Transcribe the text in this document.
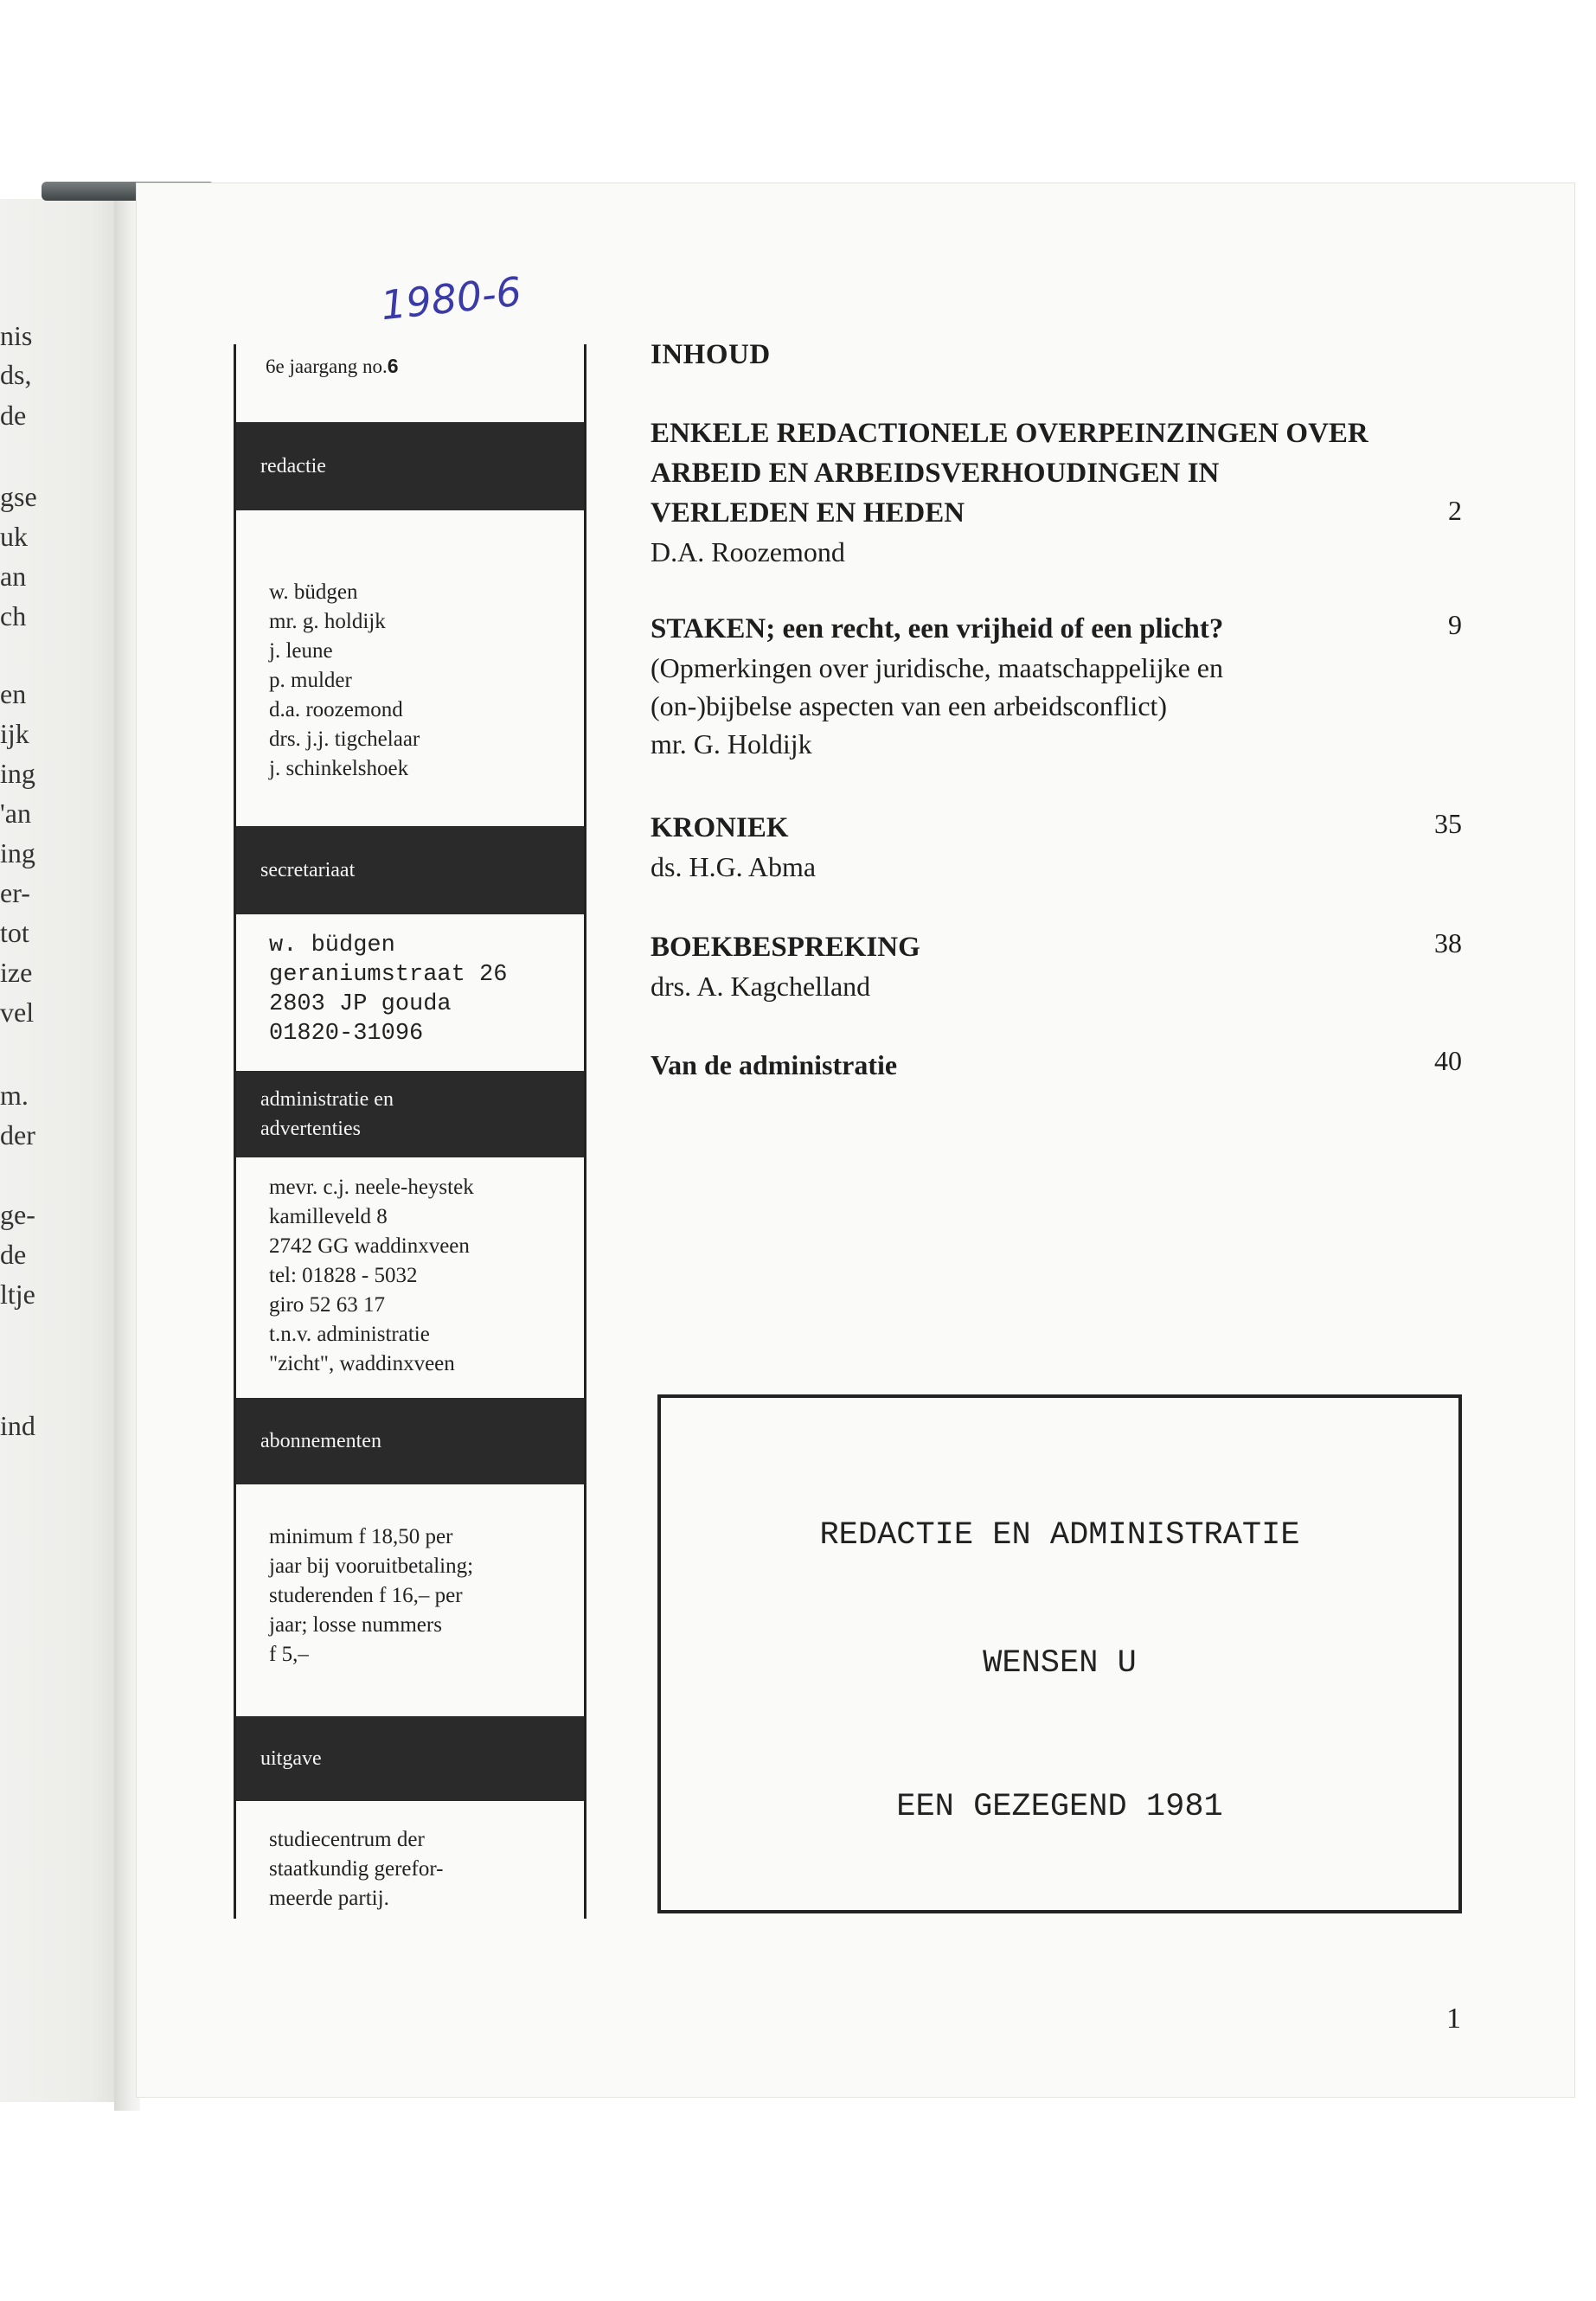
nis
ds,
de
gse
uk
an
ch
en
ijk
ing
'an
ing
er-
tot
ize
vel
m.
der
ge-
de
ltje
ind
1980-6
6e jaargang no.6
redactie
w. büdgen
mr. g. holdijk
j. leune
p. mulder
d.a. roozemond
drs. j.j. tigchelaar
j. schinkelshoek
secretariaat
w. büdgen
geraniumstraat 26
2803 JP gouda
01820-31096
administratie en
advertenties
mevr. c.j. neele-heystek
kamilleveld 8
2742 GG waddinxveen
tel: 01828 - 5032
giro 52 63 17
t.n.v. administratie
"zicht", waddinxveen
abonnementen
minimum f 18,50 per
jaar bij vooruitbetaling;
studerenden f 16,– per
jaar; losse nummers
f 5,–
uitgave
studiecentrum der
staatkundig gerefor-
meerde partij.
INHOUD
ENKELE REDACTIONELE OVERPEINZINGEN OVER
ARBEID EN ARBEIDSVERHOUDINGEN IN
VERLEDEN EN HEDEN
D.A. Roozemond
2
STAKEN; een recht, een vrijheid of een plicht?
(Opmerkingen over juridische, maatschappelijke en
(on-)bijbelse aspecten van een arbeidsconflict)
mr. G. Holdijk
9
KRONIEK
ds. H.G. Abma
35
BOEKBESPREKING
drs. A. Kagchelland
38
Van de administratie	40
REDACTIE EN ADMINISTRATIE
WENSEN U
EEN GEZEGEND 1981
1
